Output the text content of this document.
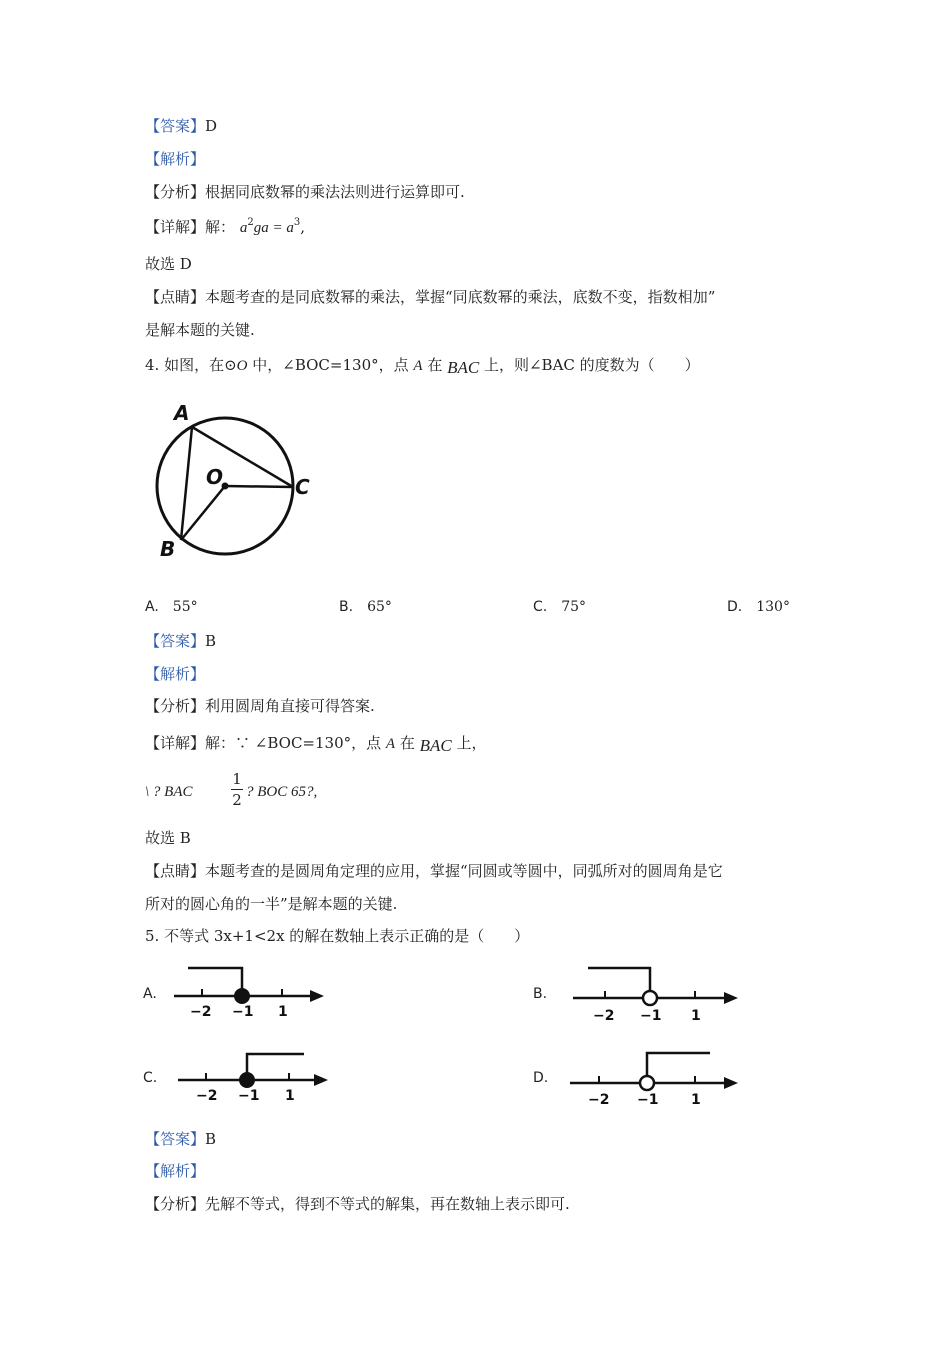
【答案】D
【解析】
【分析】根据同底数幂的乘法法则进行运算即可.
【详解】解： $a^2ga = a^3$,
故选 D
【点睛】本题考查的是同底数幂的乘法，掌握“同底数幂的乘法，底数不变，指数相加”
是解本题的关键.
4. 如图，在⊙O 中，∠BOC=130°，点 A 在 BAC 上，则∠BAC 的度数为（　　）
A
O	C
B
A. 55°	B. 65°	C. 75°	D. 130°
【答案】B
【解析】
【分析】利用圆周角直接可得答案.
【详解】解：∵ ∠BOC=130°，点 A 在 BAC 上，
\ ? BAC
1
2 ? BOC 65?,
故选 B
【点睛】本题考查的是圆周角定理的应用，掌握“同圆或等圆中，同弧所对的圆周角是它
所对的圆心角的一半”是解本题的关键.
5. 不等式 3x+1<2x 的解在数轴上表示正确的是（　　）
A.
−2 −1 1
B.
−2 −1 1
C.
−2 −1 1
D.
−2 −1 1
【答案】B
【解析】
【分析】先解不等式，得到不等式的解集，再在数轴上表示即可.
